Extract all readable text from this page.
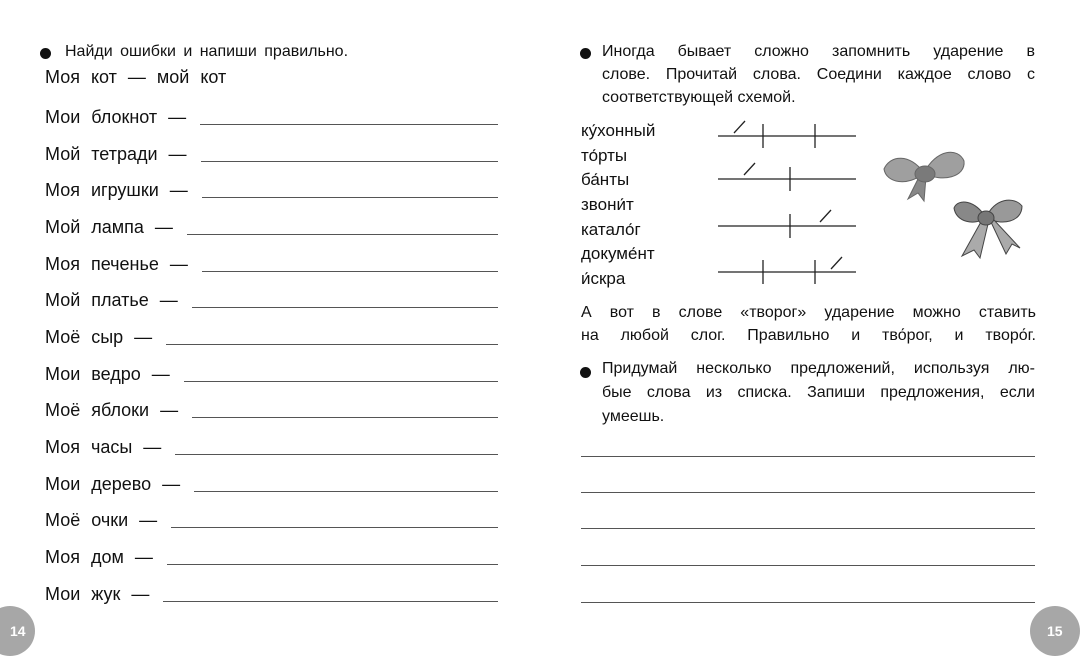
Найди ошибки и напиши правильно.
Моя кот — мой кот
Мои блокнот —
Мой тетради —
Моя игрушки —
Мой лампа —
Моя печенье —
Мой платье —
Моё сыр —
Мои ведро —
Моё яблоки —
Моя часы —
Мои дерево —
Моё очки —
Моя дом —
Мои жук —
14
Иногда бывает сложно запомнить ударение в
слове. Прочитай слова. Соедини каждое слово с
соответствующей схемой.
ку́хонный
то́рты
ба́нты
звони́т
катало́г
докуме́нт
и́скра
А вот в слове «творог» ударение можно ставить
на любой слог. Правильно и тво́рог, и творо́г.
Придумай несколько предложений, используя лю-
бые слова из списка. Запиши предложения, если
умеешь.
15
